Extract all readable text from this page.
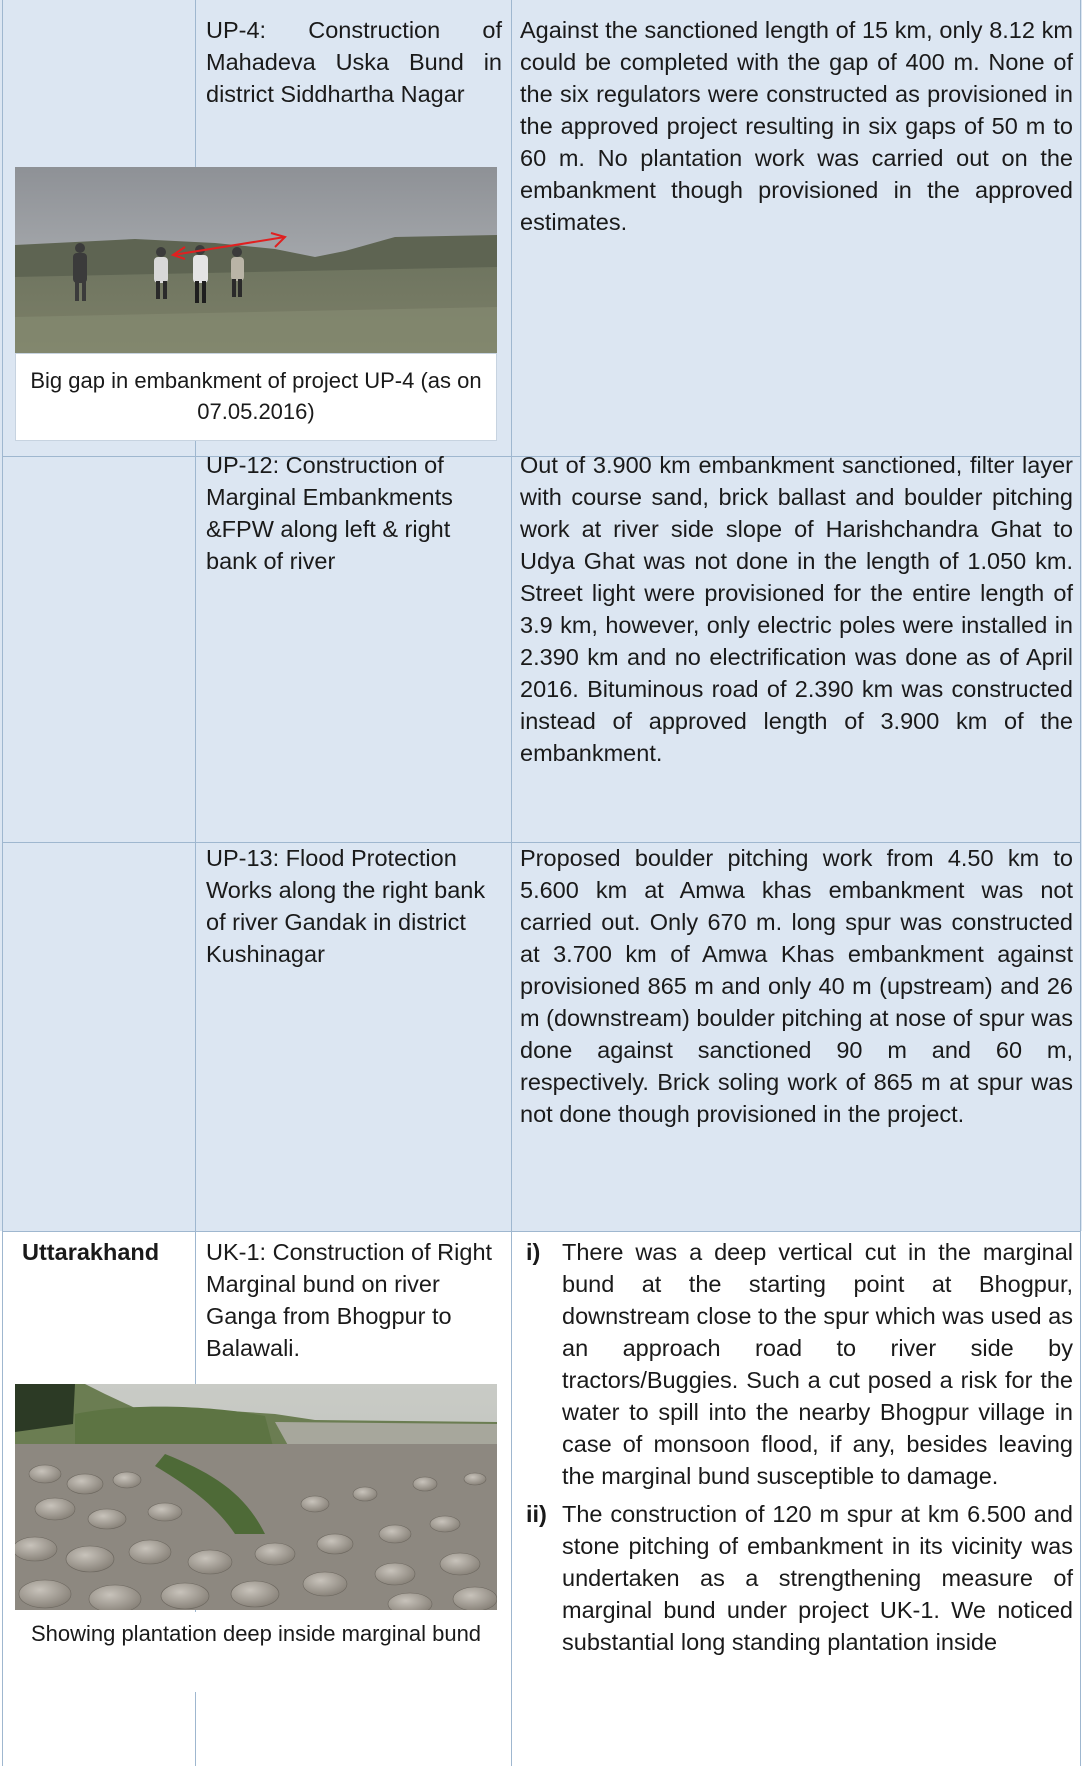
UP-4: Construction of Mahadeva Uska Bund in district Siddhartha Nagar
Against the sanctioned length of 15 km, only 8.12 km could be completed with the gap of 400 m. None of the six regulators were constructed as provisioned in the approved project resulting in six gaps of 50 m to 60 m. No plantation work was carried out on the embankment though provisioned in the approved estimates.
Big gap in embankment of project UP-4 (as on 07.05.2016)
UP-12: Construction of Marginal Embankments &FPW along left & right bank of river
Out of 3.900 km embankment sanctioned, filter layer with course sand, brick ballast and boulder pitching work at river side slope of Harishchandra Ghat to Udya Ghat was not done in the length of 1.050 km. Street light were provisioned for the entire length of 3.9 km, however, only electric poles were installed in 2.390 km and no electrification was done as of April 2016. Bituminous road of 2.390 km was constructed instead of approved length of 3.900 km of the embankment.
UP-13: Flood Protection Works along the right bank of river Gandak in district Kushinagar
Proposed boulder pitching work from 4.50 km to 5.600 km at Amwa khas embankment was not carried out. Only 670 m. long spur was constructed at 3.700 km of Amwa Khas embankment against provisioned 865 m and only 40 m (upstream) and 26 m (downstream) boulder pitching at nose of spur was done against sanctioned 90 m and 60 m, respectively. Brick soling work of 865 m at spur was not done though provisioned in the project.
Uttarakhand	UK-1: Construction of Right Marginal bund on river Ganga from Bhogpur to Balawali.
Showing plantation deep inside marginal bund
i) There was a deep vertical cut in the marginal bund at the starting point at Bhogpur, downstream close to the spur which was used as an approach road to river side by tractors/Buggies. Such a cut posed a risk for the water to spill into the nearby Bhogpur village in case of monsoon flood, if any, besides leaving the marginal bund susceptible to damage.
ii) The construction of 120 m spur at km 6.500 and stone pitching of embankment in its vicinity was undertaken as a strengthening measure of marginal bund under project UK-1. We noticed substantial long standing plantation inside
